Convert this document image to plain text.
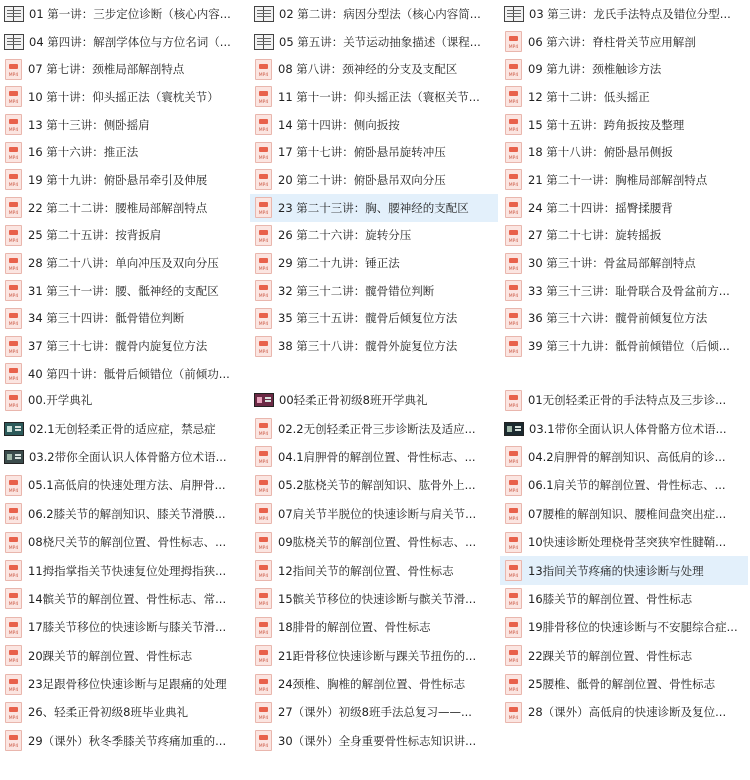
01 第一讲：三步定位诊断（核心内容...
04 第四讲：解剖学体位与方位名词（...
MP4 07 第七讲：颈椎局部解剖特点
MP4 10 第十讲：仰头摇正法（寰枕关节）
MP4 13 第十三讲：侧卧摇肩
MP4 16 第十六讲：推正法
MP4 19 第十九讲：俯卧悬吊牵引及伸展
MP4 22 第二十二讲：腰椎局部解剖特点
MP4 25 第二十五讲：按背扳肩
MP4 28 第二十八讲：单向冲压及双向分压
MP4 31 第三十一讲：腰、骶神经的支配区
MP4 34 第三十四讲：骶骨错位判断
MP4 37 第三十七讲：髋骨内旋复位方法
MP4 40 第四十讲：骶骨后倾错位（前倾功...
02 第二讲：病因分型法（核心内容简...
05 第五讲：关节运动抽象描述（课程...
MP4 08 第八讲：颈神经的分支及支配区
MP4 11 第十一讲：仰头摇正法（寰枢关节...
MP4 14 第十四讲：侧向扳按
MP4 17 第十七讲：俯卧悬吊旋转冲压
MP4 20 第二十讲：俯卧悬吊双向分压
MP4 23 第二十三讲：胸、腰神经的支配区
MP4 26 第二十六讲：旋转分压
MP4 29 第二十九讲：锤正法
MP4 32 第三十二讲：髋骨错位判断
MP4 35 第三十五讲：髋骨后倾复位方法
MP4 38 第三十八讲：髋骨外旋复位方法
03 第三讲：龙氏手法特点及错位分型...
MP4 06 第六讲：脊柱骨关节应用解剖
MP4 09 第九讲：颈椎触诊方法
MP4 12 第十二讲：低头摇正
MP4 15 第十五讲：跨角扳按及整理
MP4 18 第十八讲：俯卧悬吊侧扳
MP4 21 第二十一讲：胸椎局部解剖特点
MP4 24 第二十四讲：摇臀揉腰背
MP4 27 第二十七讲：旋转摇扳
MP4 30 第三十讲：骨盆局部解剖特点
MP4 33 第三十三讲：耻骨联合及骨盆前方...
MP4 36 第三十六讲：髋骨前倾复位方法
MP4 39 第三十九讲：骶骨前倾错位（后倾...
MP4 00.开学典礼
02.1无创轻柔正骨的适应症，禁忌症
03.2带你全面认识人体骨骼方位术语...
MP4 05.1高低肩的快速处理方法、肩胛骨...
MP4 06.2膝关节的解剖知识、膝关节滑膜...
MP4 08桡尺关节的解剖位置、骨性标志、...
MP4 11拇指掌指关节快速复位处理拇指狭...
MP4 14髌关节的解剖位置、骨性标志、常...
MP4 17膝关节移位的快速诊断与膝关节滑...
MP4 20踝关节的解剖位置、骨性标志
MP4 23足跟骨移位快速诊断与足跟痛的处理
MP4 26、轻柔正骨初级8班毕业典礼
MP4 29（课外）秋冬季膝关节疼痛加重的...
00轻柔正骨初级8班开学典礼
MP4 02.2无创轻柔正骨三步诊断法及适应...
MP4 04.1肩胛骨的解剖位置、骨性标志、...
MP4 05.2肱桡关节的解剖知识、肱骨外上...
MP4 07肩关节半脱位的快速诊断与肩关节...
MP4 09肱桡关节的解剖位置、骨性标志、...
MP4 12指间关节的解剖位置、骨性标志
MP4 15髌关节移位的快速诊断与髌关节滑...
MP4 18腓骨的解剖位置、骨性标志
MP4 21距骨移位快速诊断与踝关节扭伤的...
MP4 24颈椎、胸椎的解剖位置、骨性标志
MP4 27（课外）初级8班手法总复习——...
MP4 30（课外）全身重要骨性标志知识讲...
MP4 01无创轻柔正骨的手法特点及三步诊...
03.1带你全面认识人体骨骼方位术语...
MP4 04.2肩胛骨的解剖知识、高低肩的诊...
MP4 06.1肩关节的解剖位置、骨性标志、...
MP4 07腰椎的解剖知识、腰椎间盘突出症...
MP4 10快速诊断处理桡骨茎突狭窄性腱鞘...
MP4 13指间关节疼痛的快速诊断与处理
MP4 16膝关节的解剖位置、骨性标志
MP4 19腓骨移位的快速诊断与不安腿综合症...
MP4 22踝关节的解剖位置、骨性标志
MP4 25腰椎、骶骨的解剖位置、骨性标志
MP4 28（课外）高低肩的快速诊断及复位...
